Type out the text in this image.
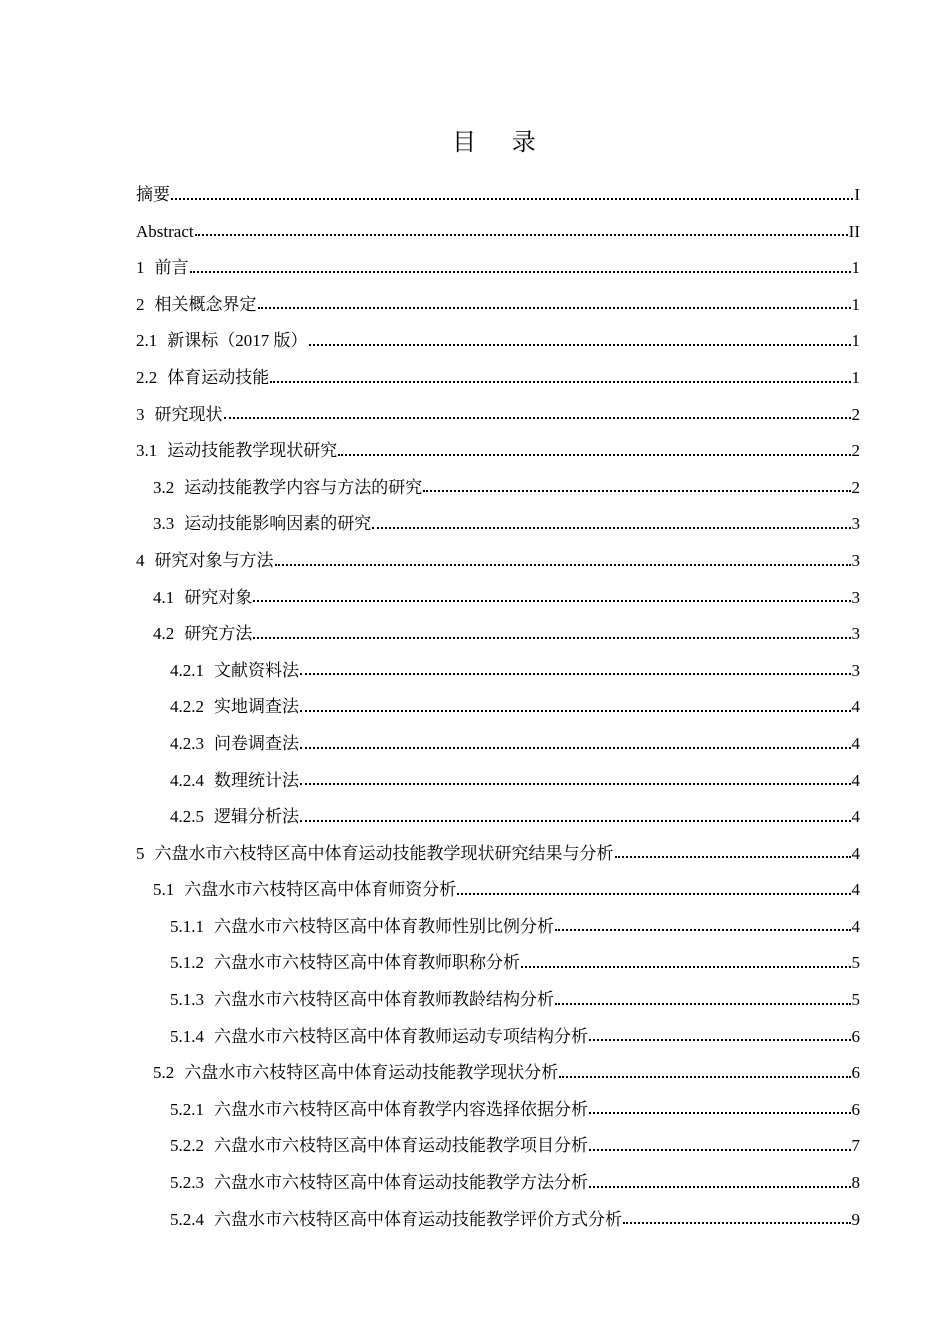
目 录
摘要	I
Abstract	II
1 前言	1
2 相关概念界定	1
2.1 新课标（2017 版）	1
2.2 体育运动技能	1
3 研究现状	2
3.1 运动技能教学现状研究	2
3.2 运动技能教学内容与方法的研究	2
3.3 运动技能影响因素的研究	3
4 研究对象与方法	3
4.1 研究对象	3
4.2 研究方法	3
4.2.1 文献资料法	3
4.2.2 实地调查法	4
4.2.3 问卷调查法	4
4.2.4 数理统计法	4
4.2.5 逻辑分析法	4
5 六盘水市六枝特区高中体育运动技能教学现状研究结果与分析	4
5.1 六盘水市六枝特区高中体育师资分析	4
5.1.1 六盘水市六枝特区高中体育教师性别比例分析	4
5.1.2 六盘水市六枝特区高中体育教师职称分析	5
5.1.3 六盘水市六枝特区高中体育教师教龄结构分析	5
5.1.4 六盘水市六枝特区高中体育教师运动专项结构分析	6
5.2 六盘水市六枝特区高中体育运动技能教学现状分析	6
5.2.1 六盘水市六枝特区高中体育教学内容选择依据分析	6
5.2.2 六盘水市六枝特区高中体育运动技能教学项目分析	7
5.2.3 六盘水市六枝特区高中体育运动技能教学方法分析	8
5.2.4 六盘水市六枝特区高中体育运动技能教学评价方式分析	9
